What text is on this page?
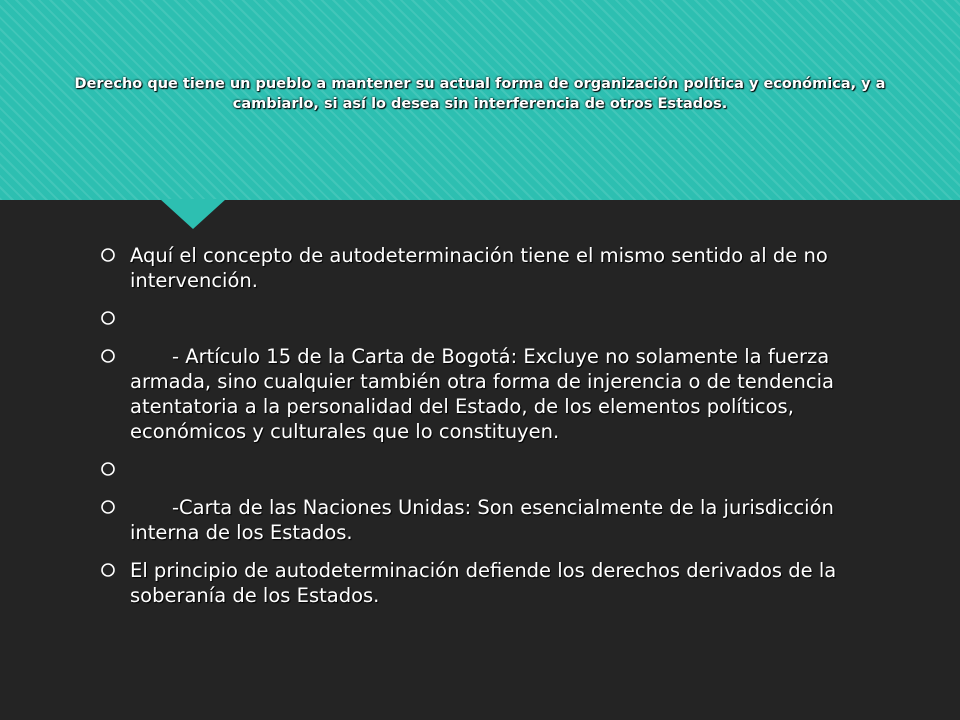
Derecho que tiene un pueblo a mantener su actual forma de organización política y económica, y a cambiarlo, si así lo desea sin interferencia de otros Estados.

Aquí el concepto de autodeterminación tiene el mismo sentido al de no intervención.

- Artículo 15 de la Carta de Bogotá: Excluye no solamente la fuerza armada, sino cualquier también otra forma de injerencia o de tendencia atentatoria a la personalidad del Estado, de los elementos políticos, económicos y culturales que lo constituyen.

-Carta de las Naciones Unidas: Son esencialmente de la jurisdicción interna de los Estados.
El principio de autodeterminación defiende los derechos derivados de la soberanía de los Estados.
